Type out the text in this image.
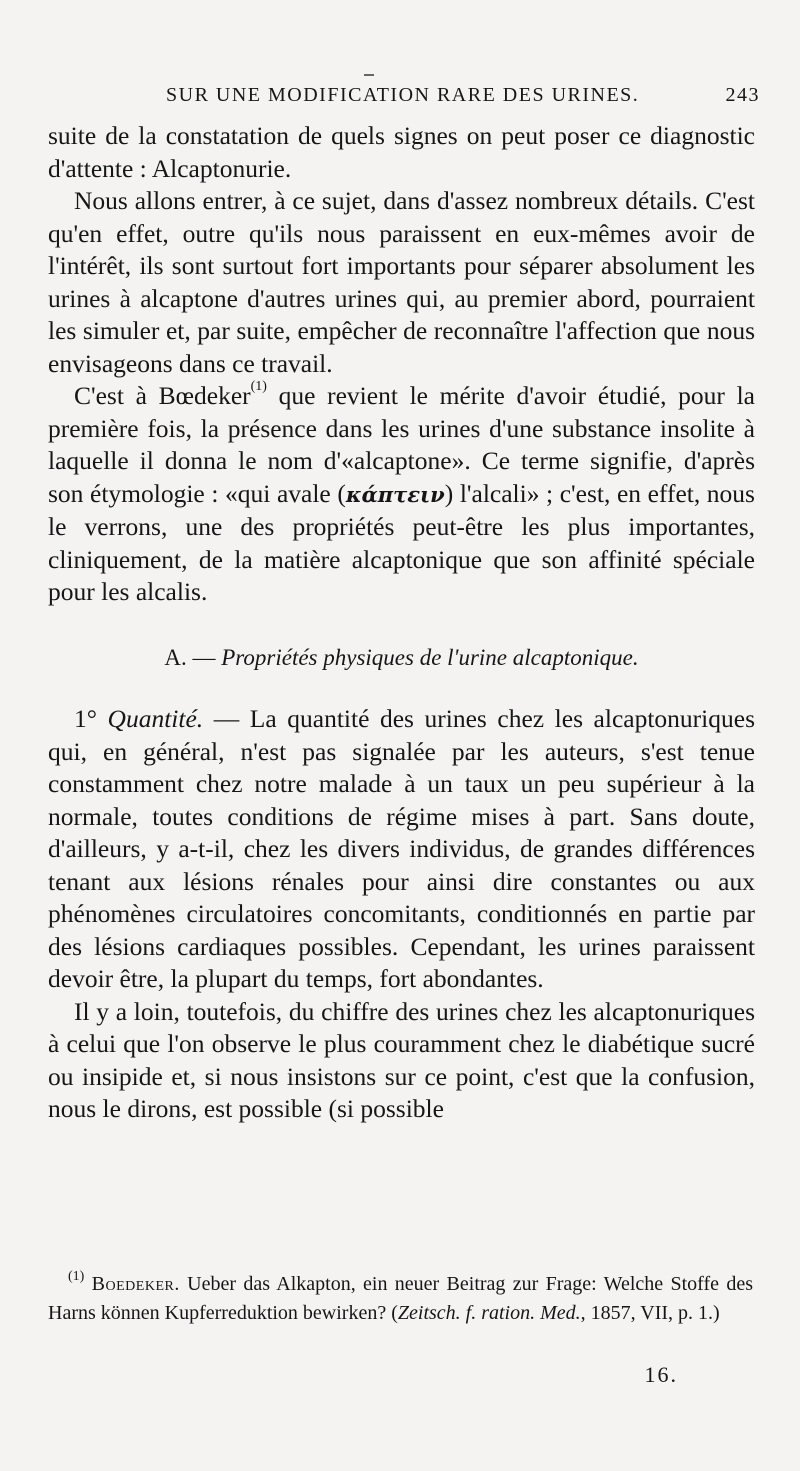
SUR UNE MODIFICATION RARE DES URINES.	243

suite de la constatation de quels signes on peut poser ce diagnostic d'attente : Alcaptonurie.

Nous allons entrer, à ce sujet, dans d'assez nombreux détails. C'est qu'en effet, outre qu'ils nous paraissent en eux-mêmes avoir de l'intérêt, ils sont surtout fort importants pour séparer absolument les urines à alcaptone d'autres urines qui, au premier abord, pourraient les simuler et, par suite, empêcher de reconnaître l'affection que nous envisageons dans ce travail.

C'est à Bœdeker$^{(1)}$ que revient le mérite d'avoir étudié, pour la première fois, la présence dans les urines d'une substance insolite à laquelle il donna le nom d'«alcaptone». Ce terme signifie, d'après son étymologie : «qui avale (κάπτειν) l'alcali» ; c'est, en effet, nous le verrons, une des propriétés peut-être les plus importantes, cliniquement, de la matière alcaptonique que son affinité spéciale pour les alcalis.

A. — Propriétés physiques de l'urine alcaptonique.

1° Quantité. — La quantité des urines chez les alcaptonuriques qui, en général, n'est pas signalée par les auteurs, s'est tenue constamment chez notre malade à un taux un peu supérieur à la normale, toutes conditions de régime mises à part. Sans doute, d'ailleurs, y a-t-il, chez les divers individus, de grandes différences tenant aux lésions rénales pour ainsi dire constantes ou aux phénomènes circulatoires concomitants, conditionnés en partie par des lésions cardiaques possibles. Cependant, les urines paraissent devoir être, la plupart du temps, fort abondantes.

Il y a loin, toutefois, du chiffre des urines chez les alcaptonuriques à celui que l'on observe le plus couramment chez le diabétique sucré ou insipide et, si nous insistons sur ce point, c'est que la confusion, nous le dirons, est possible (si possible

$^{(1)}$ Boedeker. Ueber das Alkapton, ein neuer Beitrag zur Frage: Welche Stoffe des Harns können Kupferreduktion bewirken? (Zeitsch. f. ration. Med., 1857, VII, p. 1.)

16.
